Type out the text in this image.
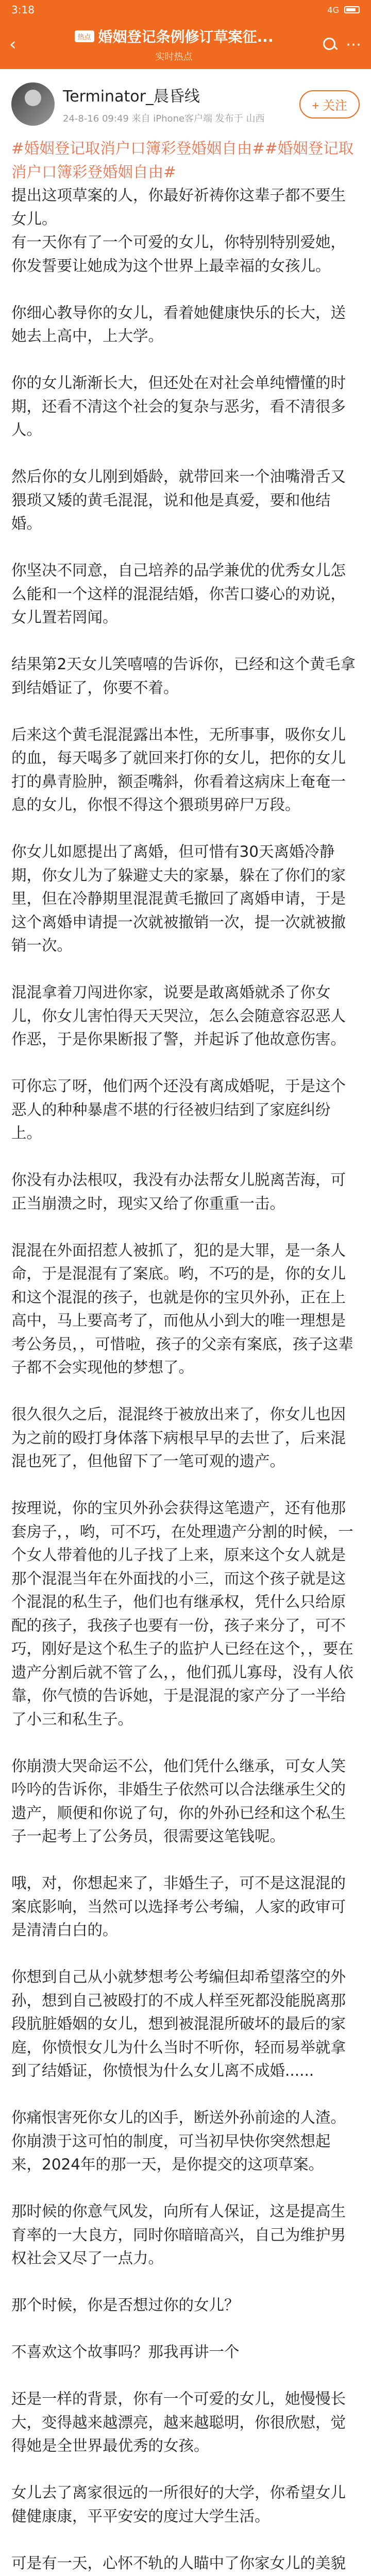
3:18	4G
‹	热点 婚姻登记条例修订草案征...
实时热点
⋯
Terminator_晨昏线
24-8-16 09:49 来自 iPhone客户端 发布于 山西
+ 关注

#婚姻登记取消户口簿彩登婚姻自由##婚姻登记取消户口簿彩登婚姻自由#

提出这项草案的人，你最好祈祷你这辈子都不要生女儿。

有一天你有了一个可爱的女儿，你特别特别爱她，你发誓要让她成为这个世界上最幸福的女孩儿。

你细心教导你的女儿，看着她健康快乐的长大，送她去上高中，上大学。

你的女儿渐渐长大，但还处在对社会单纯懵懂的时期，还看不清这个社会的复杂与恶劣，看不清很多人。

然后你的女儿刚到婚龄，就带回来一个油嘴滑舌又猥琐又矮的黄毛混混，说和他是真爱，要和他结婚。

你坚决不同意，自己培养的品学兼优的优秀女儿怎么能和一个这样的混混结婚，你苦口婆心的劝说，女儿置若罔闻。

结果第2天女儿笑嘻嘻的告诉你，已经和这个黄毛拿到结婚证了，你要不着。

后来这个黄毛混混露出本性，无所事事，吸你女儿的血，每天喝多了就回来打你的女儿，把你的女儿打的鼻青脸肿，额歪嘴斜，你看着这病床上奄奄一息的女儿，你恨不得这个猥琐男碎尸万段。

你女儿如愿提出了离婚，但可惜有30天离婚冷静期，你女儿为了躲避丈夫的家暴，躲在了你们的家里，但在冷静期里混混黄毛撤回了离婚申请，于是这个离婚申请提一次就被撤销一次，提一次就被撤销一次。

混混拿着刀闯进你家，说要是敢离婚就杀了你女儿，你女儿害怕得天天哭泣，怎么会随意容忍恶人作恶，于是你果断报了警，并起诉了他故意伤害。

可你忘了呀，他们两个还没有离成婚呢，于是这个恶人的种种暴虐不堪的行径被归结到了家庭纠纷上。

你没有办法根叹，我没有办法帮女儿脱离苦海，可正当崩溃之时，现实又给了你重重一击。

混混在外面招惹人被抓了，犯的是大罪，是一条人命，于是混混有了案底。哟，不巧的是，你的女儿和这个混混的孩子，也就是你的宝贝外孙，正在上高中，马上要高考了，而他从小到大的唯一理想是考公务员，，可惜啦，孩子的父亲有案底，孩子这辈子都不会实现他的梦想了。

很久很久之后，混混终于被放出来了，你女儿也因为之前的殴打身体落下病根早早的去世了，后来混混也死了，但他留下了一笔可观的遗产。

按理说，你的宝贝外孙会获得这笔遗产，还有他那套房子，，哟，可不巧，在处理遗产分割的时候，一个女人带着他的儿子找了上来，原来这个女人就是那个混混当年在外面找的小三，而这个孩子就是这个混混的私生子，他们也有继承权，凭什么只给原配的孩子，我孩子也要有一份，孩子来分了，可不巧，刚好是这个私生子的监护人已经在这个，，要在遗产分割后就不管了么，，他们孤儿寡母，没有人依靠，你气愤的告诉她，于是混混的家产分了一半给了小三和私生子。

你崩溃大哭命运不公，他们凭什么继承，可女人笑吟吟的告诉你，非婚生子依然可以合法继承生父的遗产，顺便和你说了句，你的外孙已经和这个私生子一起考上了公务员，很需要这笔钱呢。

哦，对，你想起来了，非婚生子，可不是这混混的案底影响，当然可以选择考公考编，人家的政审可是清清白白的。

你想到自己从小就梦想考公考编但却希望落空的外孙，想到自己被殴打的不成人样至死都没能脱离那段肮脏婚姻的女儿，想到被混混所破坏的最后的家庭，你愤恨女儿为什么当时不听你，轻而易举就拿到了结婚证，你愤恨为什么女儿离不成婚......

你痛恨害死你女儿的凶手，断送外孙前途的人渣。你崩溃于这可怕的制度，可当初早快你突然想起来，2024年的那一天，是你提交的这项草案。

那时候的你意气风发，向所有人保证，这是提高生育率的一大良方，同时你暗暗高兴，自己为维护男权社会又尽了一点力。

那个时候，你是否想过你的女儿？

不喜欢这个故事吗？那我再讲一个

还是一样的背景，你有一个可爱的女儿，她慢慢长大，变得越来越漂亮，越来越聪明，你很欣慰，觉得她是全世界最优秀的女孩。

女儿去了离家很远的一所很好的大学，你希望女儿健健康康，平平安安的度过大学生活。

可是有一天，心怀不轨的人瞄中了你家女儿的美貌
